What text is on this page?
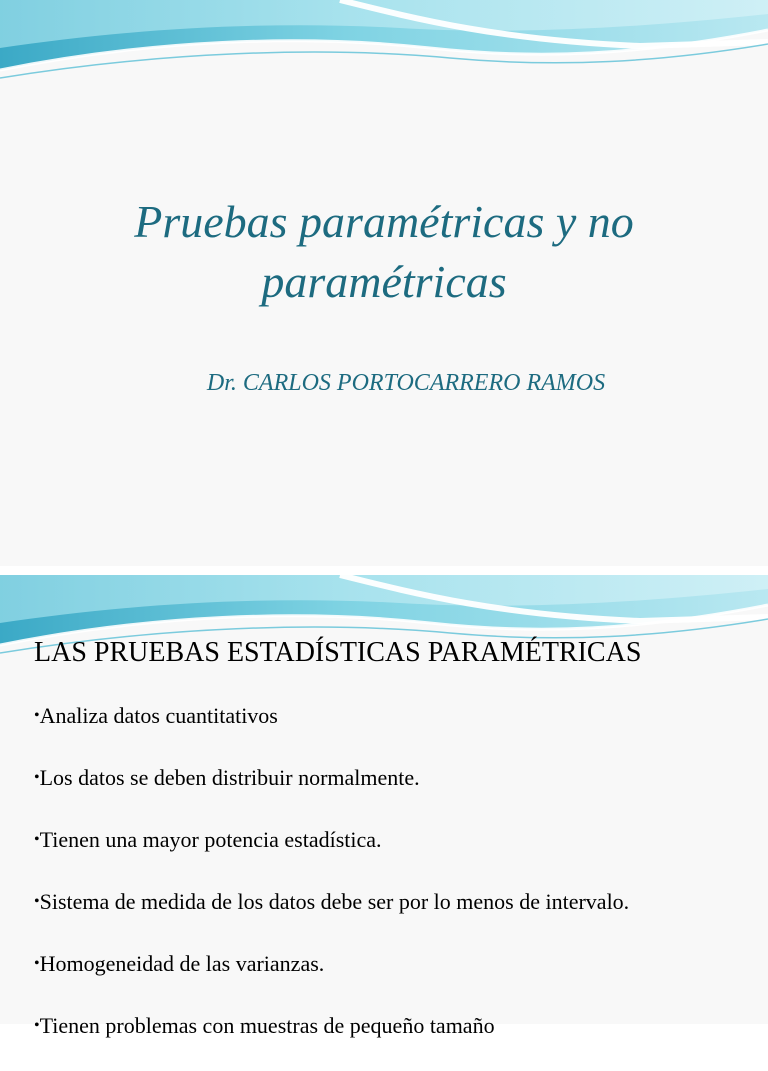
Pruebas paramétricas y no paramétricas

Dr. CARLOS PORTOCARRERO RAMOS

LAS PRUEBAS ESTADÍSTICAS PARAMÉTRICAS
•Analiza datos cuantitativos
•Los datos se deben distribuir normalmente.
•Tienen una mayor potencia estadística.
•Sistema de medida de los datos debe ser por lo menos de intervalo.
•Homogeneidad de las varianzas.
•Tienen problemas con muestras de pequeño tamaño
